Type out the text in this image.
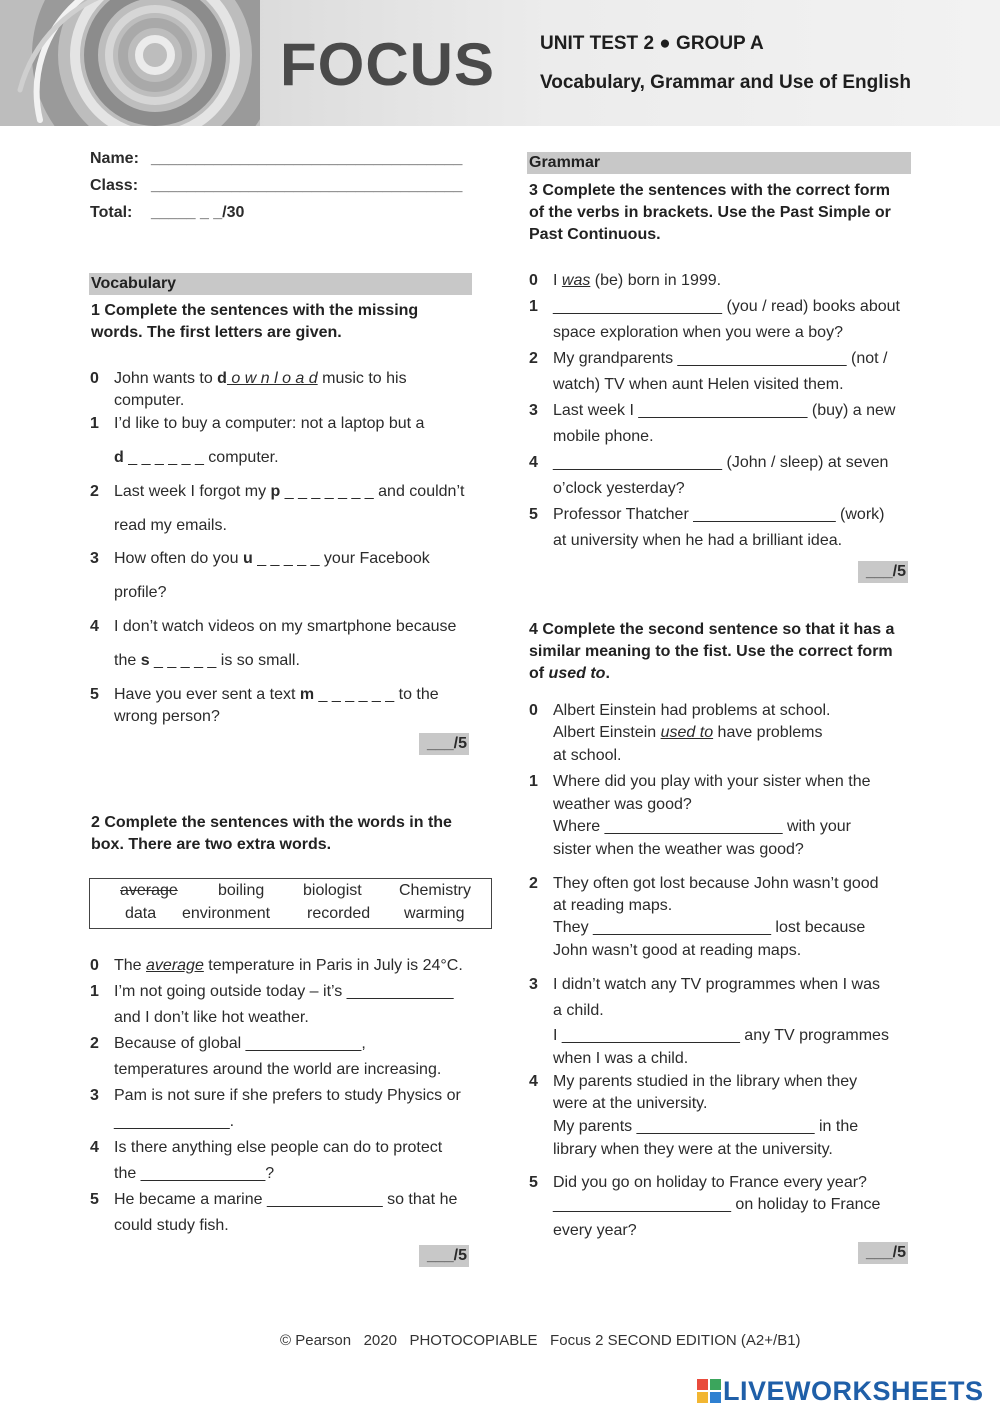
FOCUS UNIT TEST 2 ● GROUP A
Vocabulary, Grammar and Use of English
Name: ___________________________________
Class: ___________________________________
Total: _____ _ _/30
Vocabulary
1 Complete the sentences with the missing words. The first letters are given.
0 John wants to d o w n l o a d music to his
computer.
1 I’d like to buy a computer: not a laptop but a
d _ _ _ _ _ _ computer.
2 Last week I forgot my p _ _ _ _ _ _ _ and couldn’t
read my emails.
3 How often do you u _ _ _ _ _ your Facebook
profile?
4 I don’t watch videos on my smartphone because
the s _ _ _ _ _ is so small.
5 Have you ever sent a text m _ _ _ _ _ _ to the
wrong person?
___/5
2 Complete the sentences with the words in the box. There are two extra words.
average	boiling biologist Chemistry
data environment recorded warming
0 The average temperature in Paris in July is 24°C.
1 I’m not going outside today – it’s ____________
and I don’t like hot weather.
2 Because of global _____________,
temperatures around the world are increasing.
3 Pam is not sure if she prefers to study Physics or
_____________.
4 Is there anything else people can do to protect
the ______________?
5 He became a marine _____________ so that he
could study fish.
___/5
Grammar
3 Complete the sentences with the correct form of the verbs in brackets. Use the Past Simple or Past Continuous.
0 I was (be) born in 1999.
1 ___________________ (you / read) books about
space exploration when you were a boy?
2 My grandparents ___________________ (not /
watch) TV when aunt Helen visited them.
3 Last week I ___________________ (buy) a new
mobile phone.
4 ___________________ (John / sleep) at seven
o’clock yesterday?
5 Professor Thatcher ________________ (work)
at university when he had a brilliant idea.
___/5
4 Complete the second sentence so that it has a similar meaning to the fist. Use the correct form of used to.
0 Albert Einstein had problems at school.
Albert Einstein used to have problems
at school.
1 Where did you play with your sister when the
weather was good?
Where ____________________ with your
sister when the weather was good?
2 They often got lost because John wasn’t good
at reading maps.
They ____________________ lost because
John wasn’t good at reading maps.
3 I didn’t watch any TV programmes when I was
a child.
I ____________________ any TV programmes
when I was a child.
4 My parents studied in the library when they
were at the university.
My parents ____________________ in the
library when they were at the university.
5 Did you go on holiday to France every year?
____________________ on holiday to France
every year?
___/5
© Pearson   2020   PHOTOCOPIABLE   Focus 2 SECOND EDITION (A2+/B1)
LIVEWORKSHEETS
